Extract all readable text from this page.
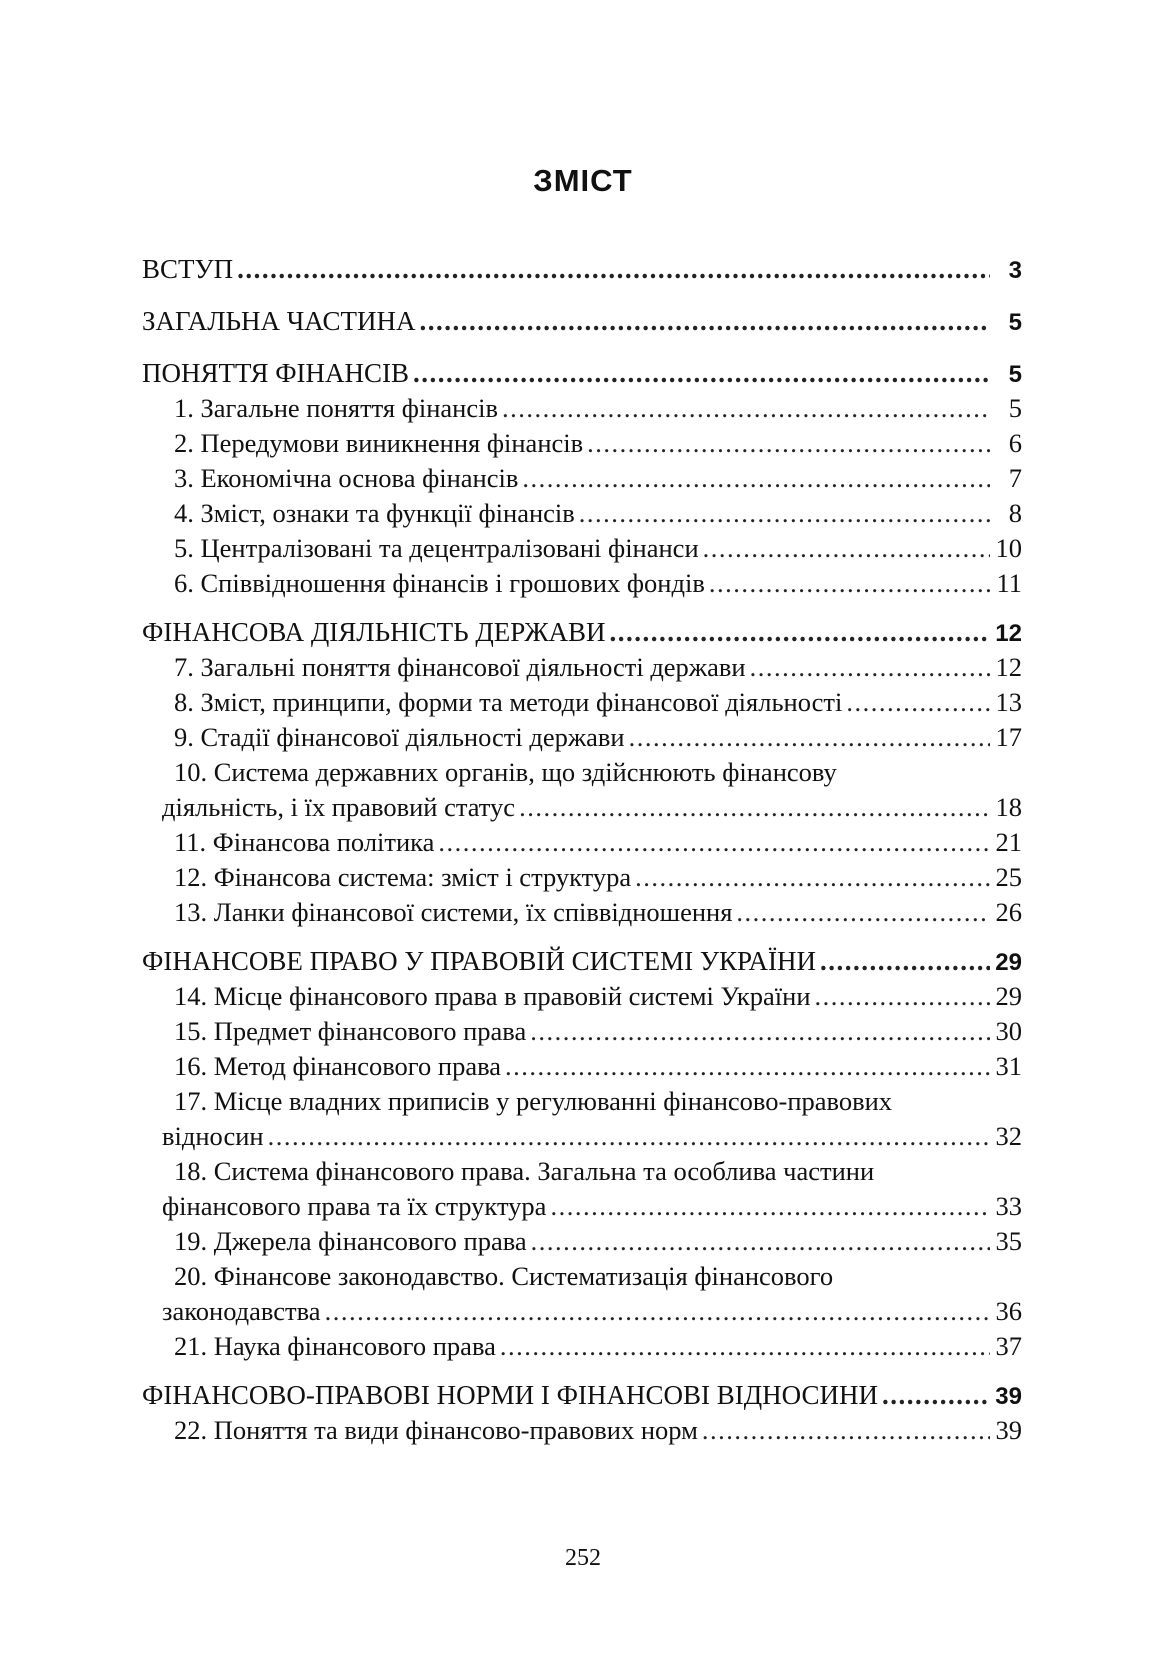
ЗМІСТ
ВСТУП .....	3
ЗАГАЛЬНА ЧАСТИНА .....	5
ПОНЯТТЯ ФІНАНСІВ .....	5
1. Загальне поняття фінансів .....	5
2. Передумови виникнення фінансів .....	6
3. Економічна основа фінансів .....	7
4. Зміст, ознаки та функції фінансів .....	8
5. Централізовані та децентралізовані фінанси .....	10
6. Співвідношення фінансів і грошових фондів .....	11
ФІНАНСОВА ДІЯЛЬНІСТЬ ДЕРЖАВИ .....	12
7. Загальні поняття фінансової діяльності держави .....	12
8. Зміст, принципи, форми та методи фінансової діяльності .....	13
9. Стадії фінансової діяльності держави .....	17
10. Система державних органів, що здійснюють фінансову
діяльність, і їх правовий статус .....	18
11. Фінансова політика .....	21
12. Фінансова система: зміст і структура .....	25
13. Ланки фінансової системи, їх співвідношення .....	26
ФІНАНСОВЕ ПРАВО У ПРАВОВІЙ СИСТЕМІ УКРАЇНИ .....	29
14. Місце фінансового права в правовій системі України .....	29
15. Предмет фінансового права .....	30
16. Метод фінансового права .....	31
17. Місце владних приписів у регулюванні фінансово-правових
відносин .....	32
18. Система фінансового права. Загальна та особлива частини
фінансового права та їх структура .....	33
19. Джерела фінансового права .....	35
20. Фінансове законодавство. Систематизація фінансового
законодавства .....	36
21. Наука фінансового права .....	37
ФІНАНСОВО-ПРАВОВІ НОРМИ І ФІНАНСОВІ ВІДНОСИНИ .....	39
22. Поняття та види фінансово-правових норм .....	39
252
